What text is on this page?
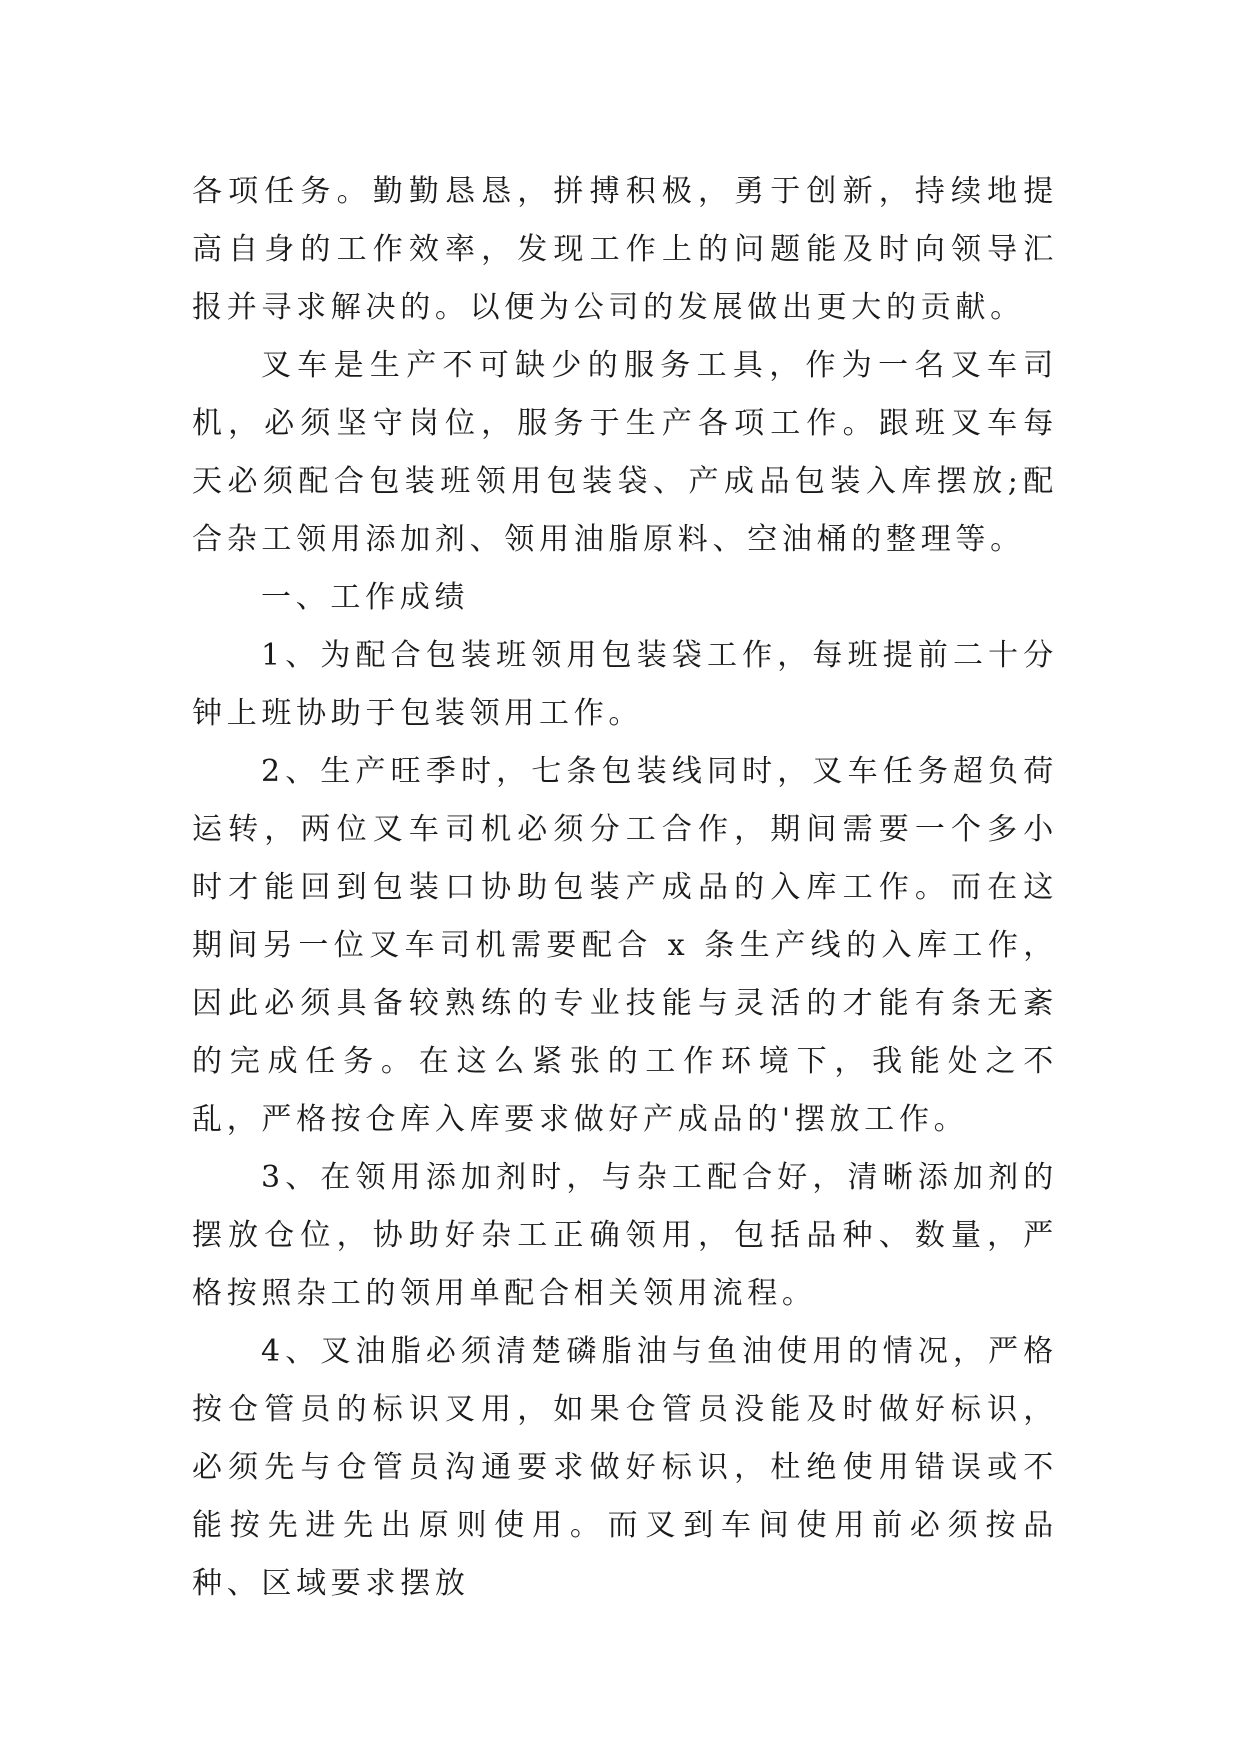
各项任务。勤勤恳恳，拼搏积极，勇于创新，持续地提高自身的工作效率，发现工作上的问题能及时向领导汇报并寻求解决的。以便为公司的发展做出更大的贡献。

叉车是生产不可缺少的服务工具，作为一名叉车司机，必须坚守岗位，服务于生产各项工作。跟班叉车每天必须配合包装班领用包装袋、产成品包装入库摆放;配合杂工领用添加剂、领用油脂原料、空油桶的整理等。

一、工作成绩

1、为配合包装班领用包装袋工作，每班提前二十分钟上班协助于包装领用工作。

2、生产旺季时，七条包装线同时，叉车任务超负荷运转，两位叉车司机必须分工合作，期间需要一个多小时才能回到包装口协助包装产成品的入库工作。而在这期间另一位叉车司机需要配合 x 条生产线的入库工作，因此必须具备较熟练的专业技能与灵活的才能有条无紊的完成任务。在这么紧张的工作环境下，我能处之不乱，严格按仓库入库要求做好产成品的'摆放工作。

3、在领用添加剂时，与杂工配合好，清晰添加剂的摆放仓位，协助好杂工正确领用，包括品种、数量，严格按照杂工的领用单配合相关领用流程。

4、叉油脂必须清楚磷脂油与鱼油使用的情况，严格按仓管员的标识叉用，如果仓管员没能及时做好标识，必须先与仓管员沟通要求做好标识，杜绝使用错误或不能按先进先出原则使用。而叉到车间使用前必须按品种、区域要求摆放
